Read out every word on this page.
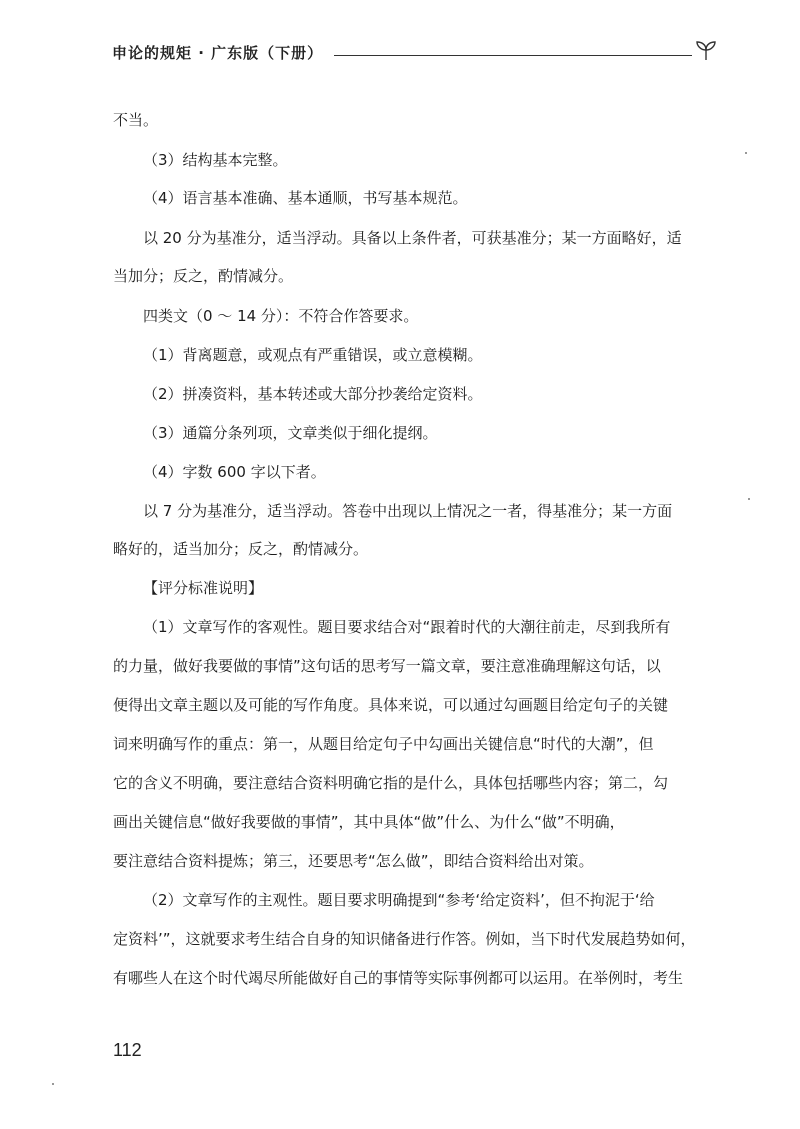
申论的规矩 · 广东版（下册）
不当。
（3）结构基本完整。
（4）语言基本准确、基本通顺，书写基本规范。
以 20 分为基准分，适当浮动。具备以上条件者，可获基准分；某一方面略好，适
当加分；反之，酌情减分。
四类文（0 ～ 14 分）：不符合作答要求。
（1）背离题意，或观点有严重错误，或立意模糊。
（2）拼凑资料，基本转述或大部分抄袭给定资料。
（3）通篇分条列项，文章类似于细化提纲。
（4）字数 600 字以下者。
以 7 分为基准分，适当浮动。答卷中出现以上情况之一者，得基准分；某一方面
略好的，适当加分；反之，酌情减分。
【评分标准说明】
（1）文章写作的客观性。题目要求结合对“跟着时代的大潮往前走，尽到我所有
的力量，做好我要做的事情”这句话的思考写一篇文章，要注意准确理解这句话，以
便得出文章主题以及可能的写作角度。具体来说，可以通过勾画题目给定句子的关键
词来明确写作的重点：第一，从题目给定句子中勾画出关键信息“时代的大潮”，但
它的含义不明确，要注意结合资料明确它指的是什么，具体包括哪些内容；第二，勾
画出关键信息“做好我要做的事情”，其中具体“做”什么、为什么“做”不明确，
要注意结合资料提炼；第三，还要思考“怎么做”，即结合资料给出对策。
（2）文章写作的主观性。题目要求明确提到“参考‘给定资料’，但不拘泥于‘给
定资料’”，这就要求考生结合自身的知识储备进行作答。例如，当下时代发展趋势如何，
有哪些人在这个时代竭尽所能做好自己的事情等实际事例都可以运用。在举例时，考生
112
